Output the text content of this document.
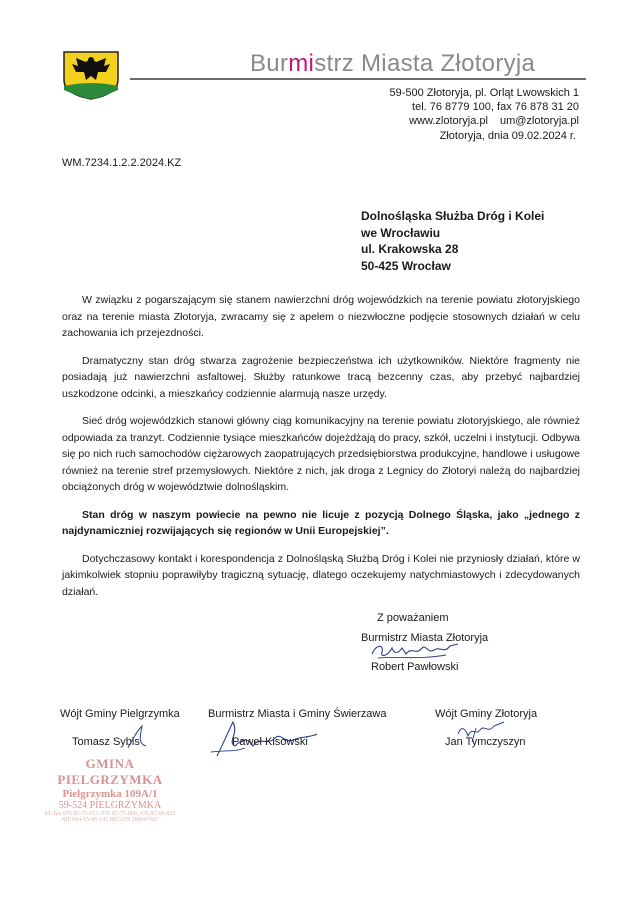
Burmistrz Miasta Złotoryja
59-500 Złotoryja, pl. Orląt Lwowskich 1
tel. 76 8779 100, fax 76 878 31 20
www.zlotoryja.pl um@zlotoryja.pl
Złotoryja, dnia 09.02.2024 r.
WM.7234.1.2.2.2024.KZ
Dolnośląska Służba Dróg i Kolei
we Wrocławiu
ul. Krakowska 28
50-425 Wrocław

W związku z pogarszającym się stanem nawierzchni dróg wojewódzkich na terenie powiatu złotoryjskiego oraz na terenie miasta Złotoryja, zwracamy się z apelem o niezwłoczne podjęcie stosownych działań w celu zachowania ich przejezdności.

Dramatyczny stan dróg stwarza zagrożenie bezpieczeństwa ich użytkowników. Niektóre fragmenty nie posiadają już nawierzchni asfaltowej. Służby ratunkowe tracą bezcenny czas, aby przebyć najbardziej uszkodzone odcinki, a mieszkańcy codziennie alarmują nasze urzędy.

Sieć dróg wojewódzkich stanowi główny ciąg komunikacyjny na terenie powiatu złotoryjskiego, ale również odpowiada za tranzyt. Codziennie tysiące mieszkańców dojeżdżają do pracy, szkół, uczelni i instytucji. Odbywa się po nich ruch samochodów ciężarowych zaopatrujących przedsiębiorstwa produkcyjne, handlowe i usługowe również na terenie stref przemysłowych. Niektóre z nich, jak droga z Legnicy do Złotoryi należą do najbardziej obciążonych dróg w województwie dolnośląskim.

Stan dróg w naszym powiecie na pewno nie licuje z pozycją Dolnego Śląska, jako „jednego z najdynamiczniej rozwijających się regionów w Unii Europejskiej”.

Dotychczasowy kontakt i korespondencja z Dolnośląską Służbą Dróg i Kolei nie przyniosły działań, które w jakimkolwiek stopniu poprawiłyby tragiczną sytuację, dlatego oczekujemy natychmiastowych i zdecydowanych działań.

Z poważaniem
Burmistrz Miasta Złotoryja
Robert Pawłowski
Wójt Gminy Pielgrzymka
Tomasz Sybis
Burmistrz Miasta i Gminy Świerzawa
Paweł Kisowski
Wójt Gminy Złotoryja
Jan Tymczyszyn
GMINA PIELGRZYMKA
Pielgrzymka 109A/1
59-524 PIELGRZYMKA
tel./fax 076 87-75-013, 076 87-75-009, 076 87-69-823
NIP 694-15-86-145 REGON 390647667
